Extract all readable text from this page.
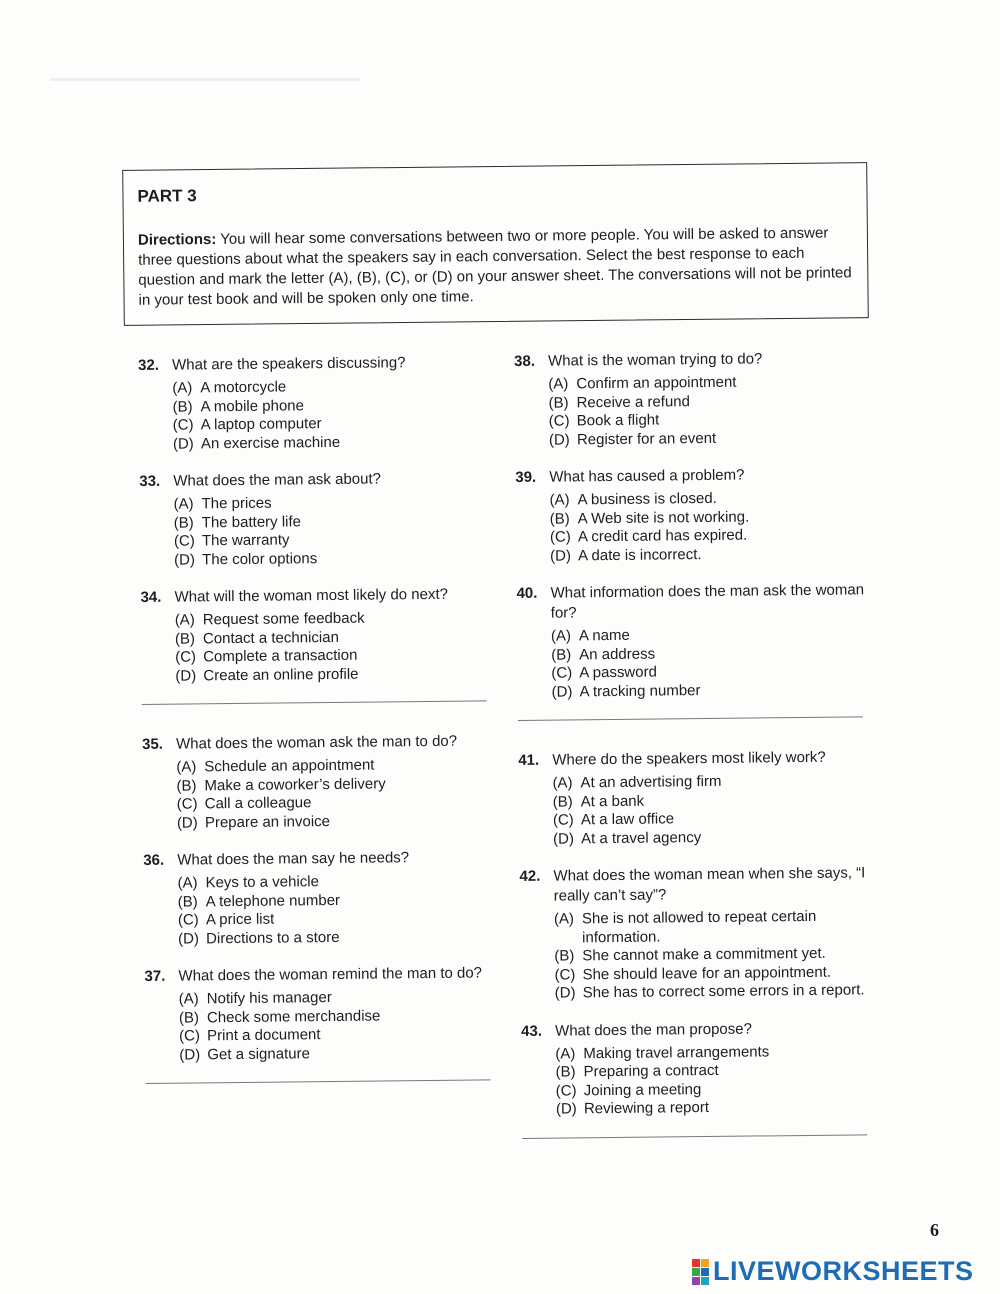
PART 3

Directions: You will hear some conversations between two or more people. You will be asked to answer three questions about what the speakers say in each conversation. Select the best response to each question and mark the letter (A), (B), (C), or (D) on your answer sheet. The conversations will not be printed in your test book and will be spoken only one time.

32. What are the speakers discussing?
(A) A motorcycle
(B) A mobile phone
(C) A laptop computer
(D) An exercise machine
33. What does the man ask about?
(A) The prices
(B) The battery life
(C) The warranty
(D) The color options
34. What will the woman most likely do next?
(A) Request some feedback
(B) Contact a technician
(C) Complete a transaction
(D) Create an online profile
35. What does the woman ask the man to do?
(A) Schedule an appointment
(B) Make a coworker’s delivery
(C) Call a colleague
(D) Prepare an invoice
36. What does the man say he needs?
(A) Keys to a vehicle
(B) A telephone number
(C) A price list
(D) Directions to a store
37. What does the woman remind the man to do?
(A) Notify his manager
(B) Check some merchandise
(C) Print a document
(D) Get a signature
38. What is the woman trying to do?
(A) Confirm an appointment
(B) Receive a refund
(C) Book a flight
(D) Register for an event
39. What has caused a problem?
(A) A business is closed.
(B) A Web site is not working.
(C) A credit card has expired.
(D) A date is incorrect.
40. What information does the man ask the woman for?
(A) A name
(B) An address
(C) A password
(D) A tracking number
41. Where do the speakers most likely work?
(A) At an advertising firm
(B) At a bank
(C) At a law office
(D) At a travel agency
42. What does the woman mean when she says, “I really can’t say”?
(A) She is not allowed to repeat certain information.
(B) She cannot make a commitment yet.
(C) She should leave for an appointment.
(D) She has to correct some errors in a report.
43. What does the man propose?
(A) Making travel arrangements
(B) Preparing a contract
(C) Joining a meeting
(D) Reviewing a report
6
LIVEWORKSHEETS
